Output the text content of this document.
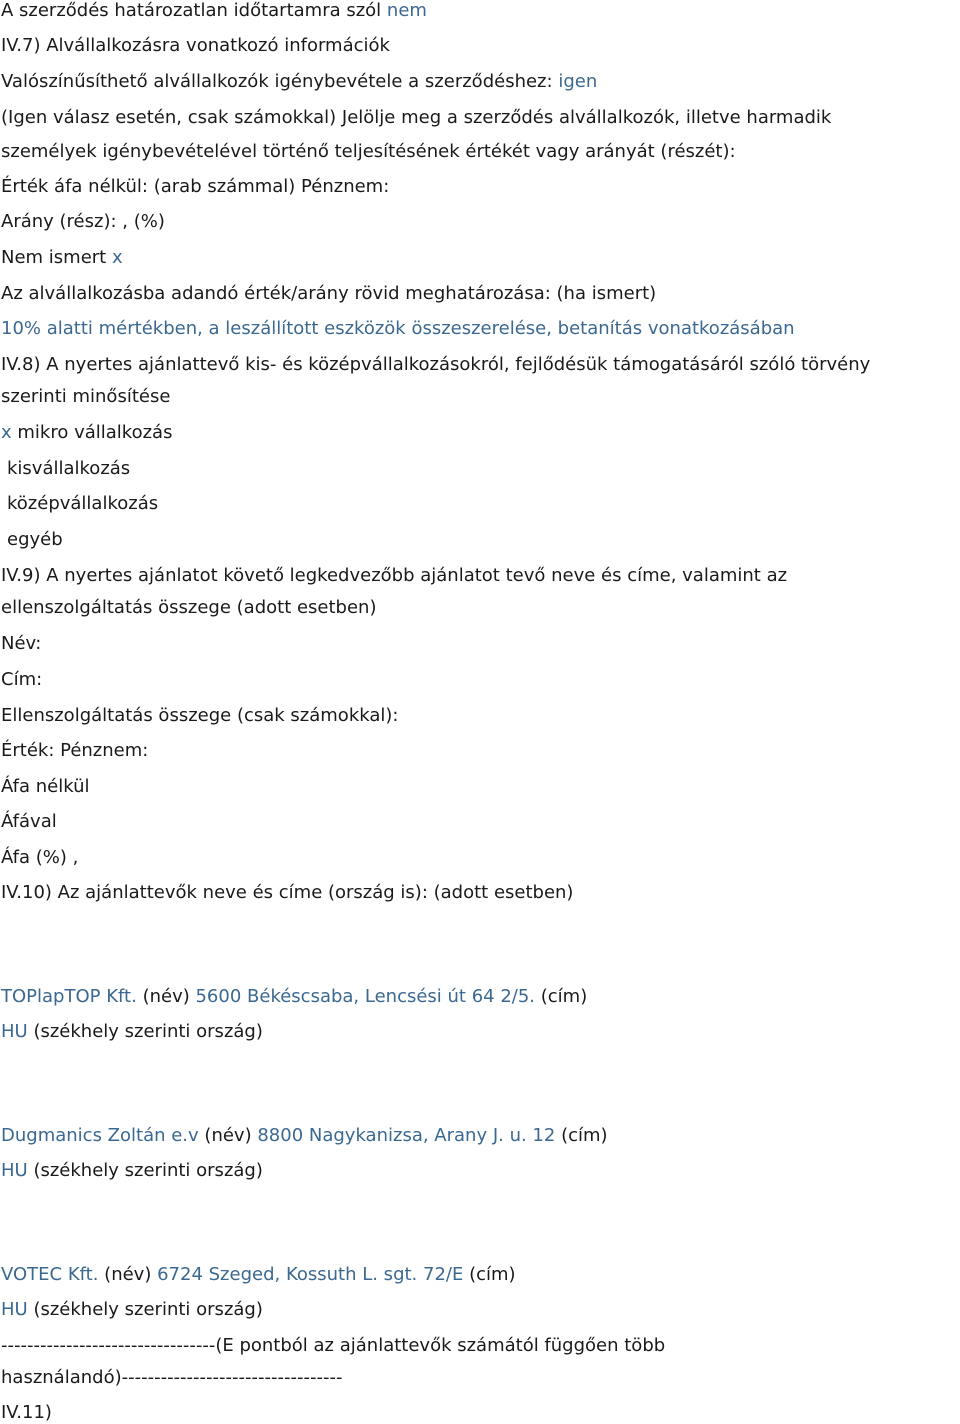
A szerződés határozatlan időtartamra szól nem
IV.7) Alvállalkozásra vonatkozó információk
Valószínűsíthető alvállalkozók igénybevétele a szerződéshez: igen
(Igen válasz esetén, csak számokkal) Jelölje meg a szerződés alvállalkozók, illetve harmadik
személyek igénybevételével történő teljesítésének értékét vagy arányát (részét):
Érték áfa nélkül: (arab számmal) Pénznem:
Arány (rész): , (%)
Nem ismert x
Az alvállalkozásba adandó érték/arány rövid meghatározása: (ha ismert)
10% alatti mértékben, a leszállított eszközök összeszerelése, betanítás vonatkozásában
IV.8) A nyertes ajánlattevő kis- és középvállalkozásokról, fejlődésük támogatásáról szóló törvény
szerinti minősítése
x mikro vállalkozás
kisvállalkozás
középvállalkozás
egyéb
IV.9) A nyertes ajánlatot követő legkedvezőbb ajánlatot tevő neve és címe, valamint az
ellenszolgáltatás összege (adott esetben)
Név:
Cím:
Ellenszolgáltatás összege (csak számokkal):
Érték: Pénznem:
Áfa nélkül
Áfával
Áfa (%) ,
IV.10) Az ajánlattevők neve és címe (ország is): (adott esetben)
TOPlapTOP Kft. (név) 5600 Békéscsaba, Lencsési út 64 2/5. (cím)
HU (székhely szerinti ország)
Dugmanics Zoltán e.v (név) 8800 Nagykanizsa, Arany J. u. 12 (cím)
HU (székhely szerinti ország)
VOTEC Kft. (név) 6724 Szeged, Kossuth L. sgt. 72/E (cím)
HU (székhely szerinti ország)
---------------------------------(E pontból az ajánlattevők számától függően több
használandó)----------------------------------
IV.11)
